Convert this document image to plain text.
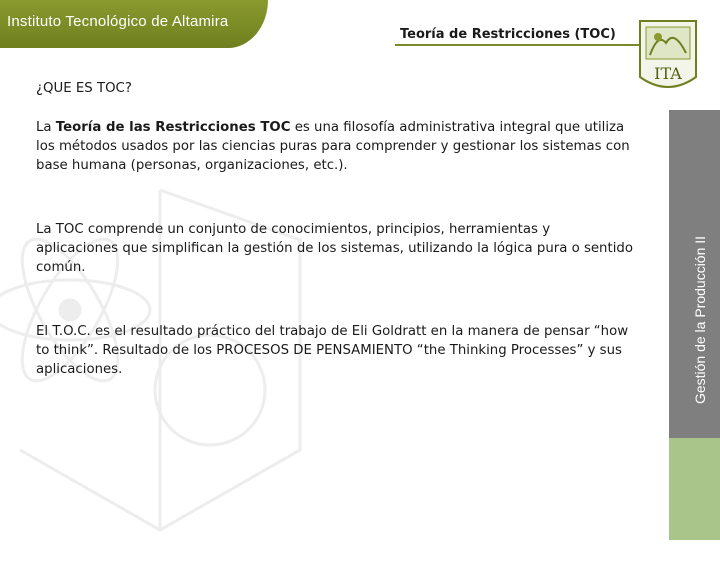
Instituto Tecnológico de Altamira
Teoría de Restricciones (TOC)
ITA
Gestión de la Producción II
¿QUE ES TOC?
La Teoría de las Restricciones TOC es una filosofía administrativa integral que utiliza los métodos usados por las ciencias puras para comprender y gestionar los sistemas con base humana (personas, organizaciones, etc.).
La TOC comprende un conjunto de conocimientos, principios, herramientas y aplicaciones que simplifican la gestión de los sistemas, utilizando la lógica pura o sentido común.
El T.O.C. es el resultado práctico del trabajo de Eli Goldratt en la manera de pensar “how to think”. Resultado de los PROCESOS DE PENSAMIENTO “the Thinking Processes” y sus aplicaciones.
